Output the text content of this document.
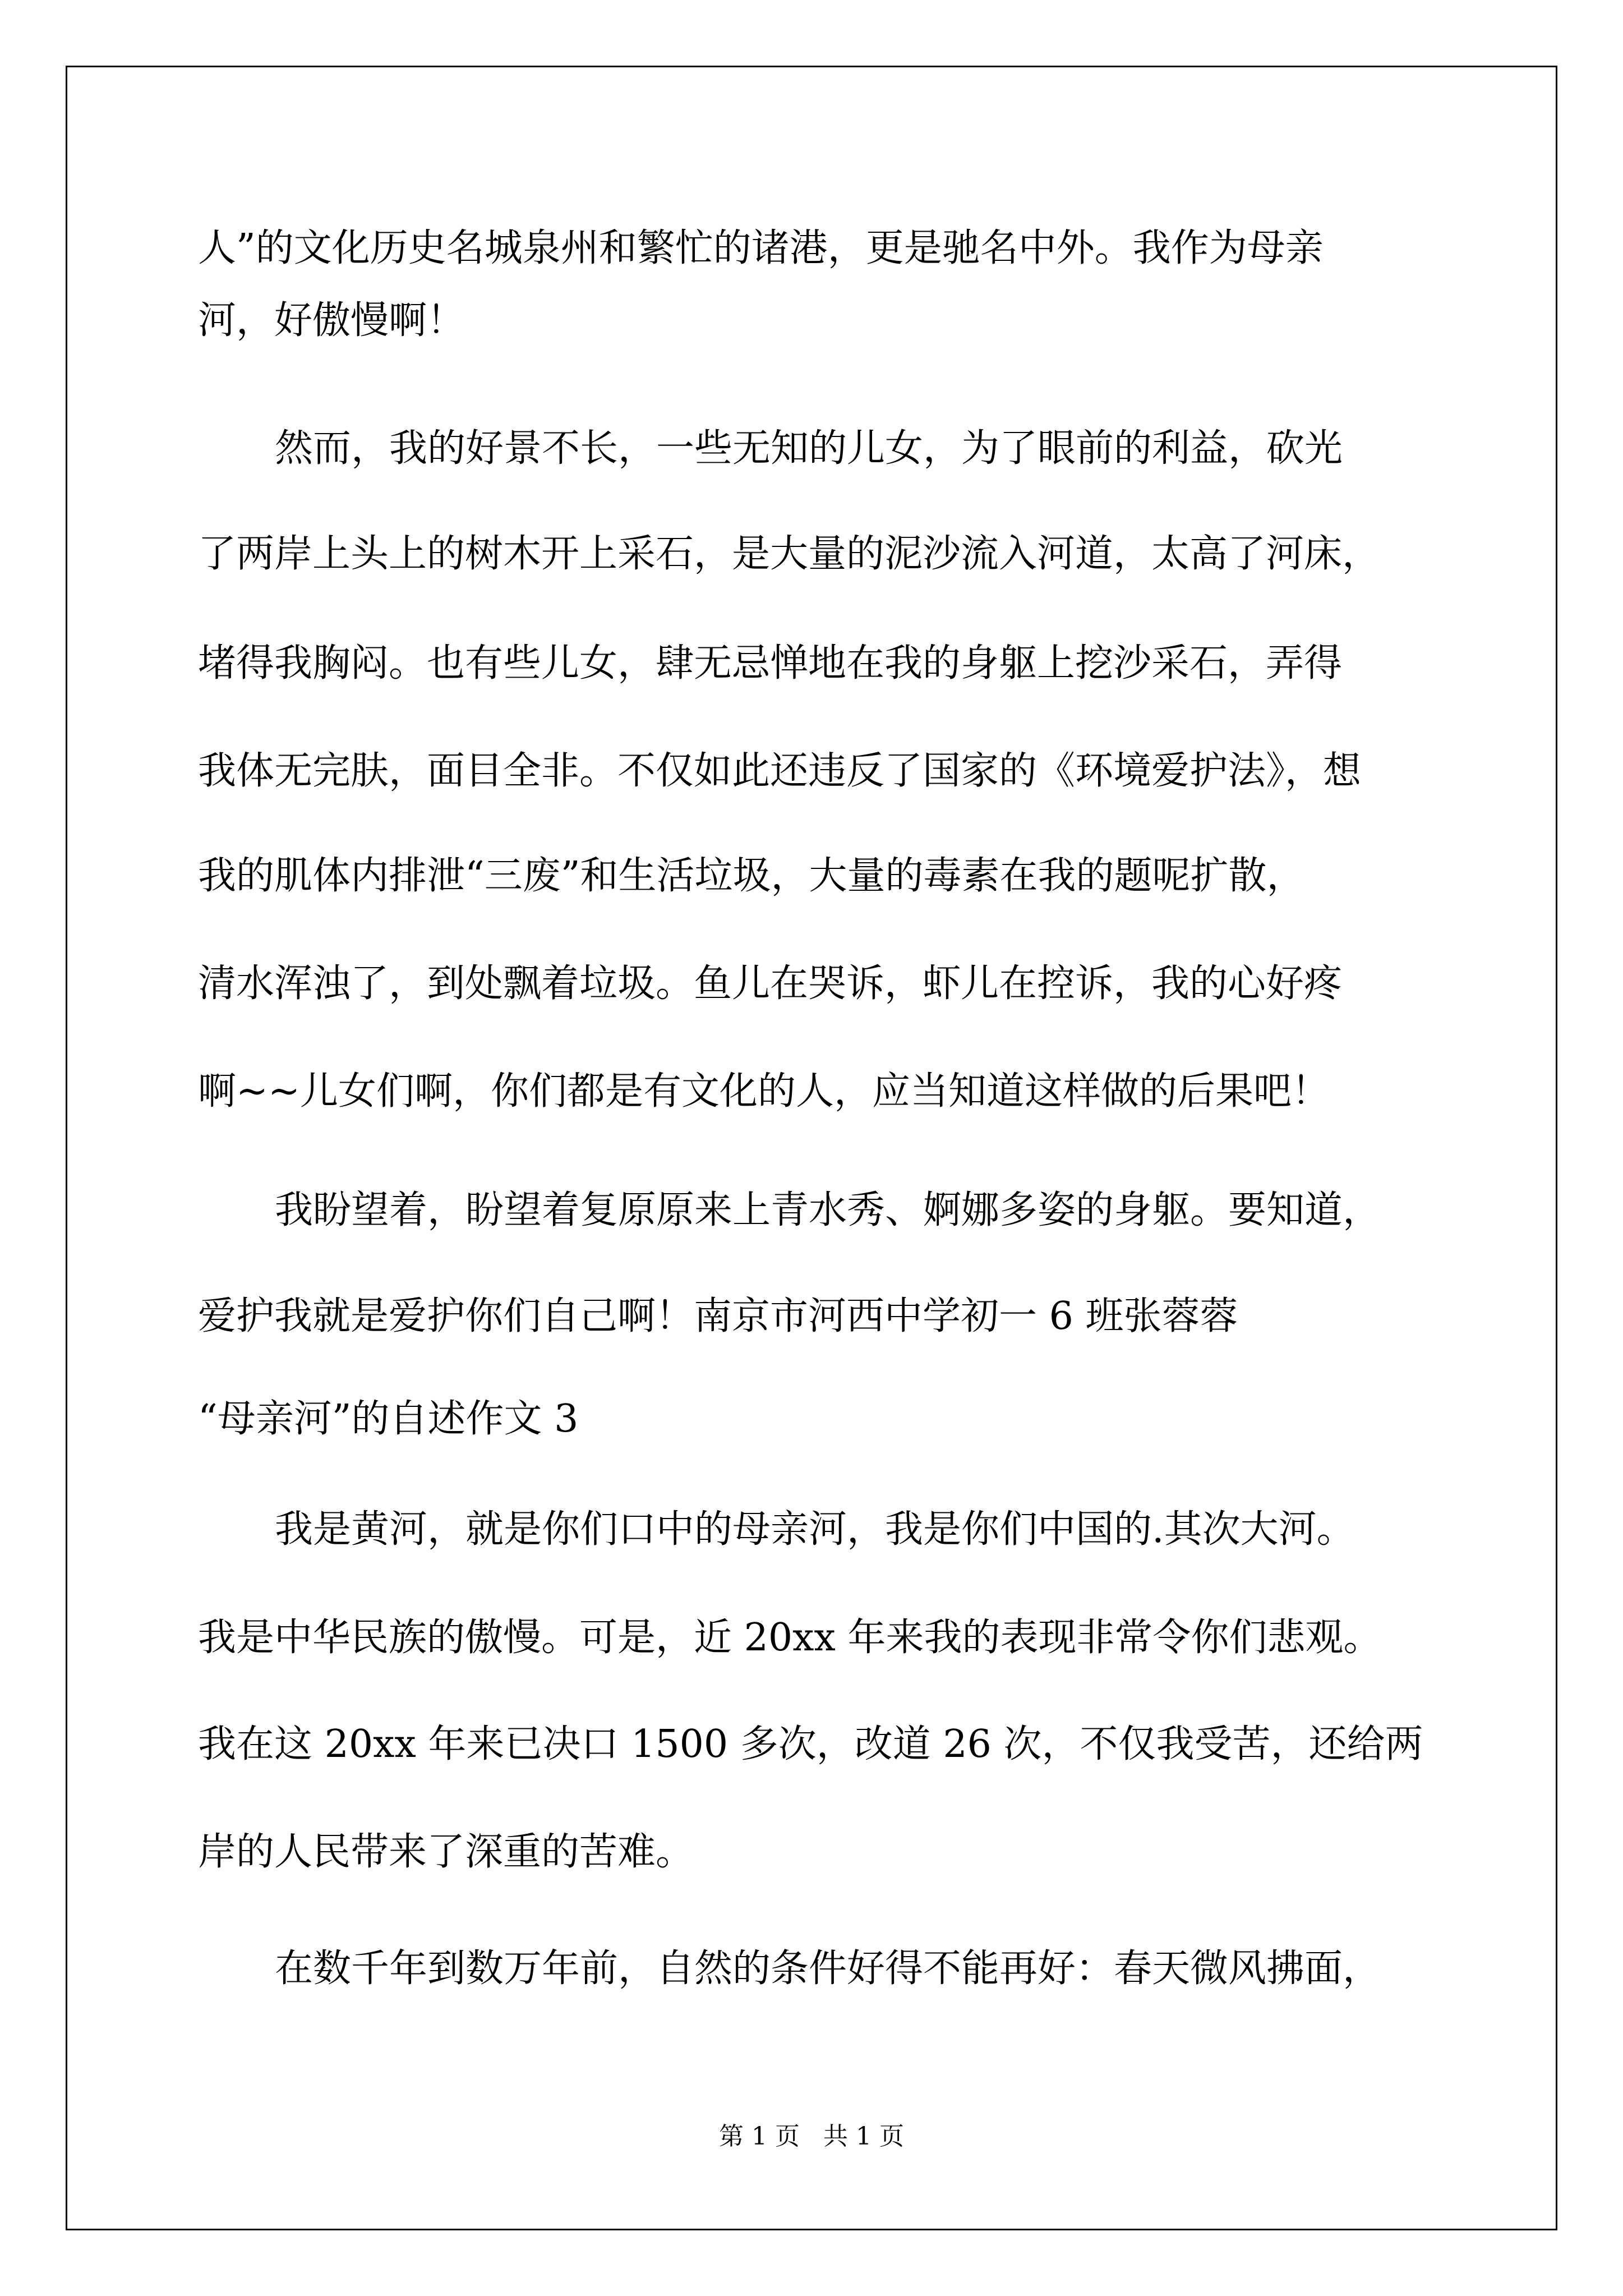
人”的文化历史名城泉州和繁忙的诸港，更是驰名中外。我作为母亲
河，好傲慢啊！
然而，我的好景不长，一些无知的儿女，为了眼前的利益，砍光
了两岸上头上的树木开上采石，是大量的泥沙流入河道，太高了河床，
堵得我胸闷。也有些儿女，肆无忌惮地在我的身躯上挖沙采石，弄得
我体无完肤，面目全非。不仅如此还违反了国家的《环境爱护法》，想
我的肌体内排泄“三废”和生活垃圾，大量的毒素在我的题呢扩散，
清水浑浊了，到处飘着垃圾。鱼儿在哭诉，虾儿在控诉，我的心好疼
啊~~儿女们啊，你们都是有文化的人，应当知道这样做的后果吧！
我盼望着，盼望着复原原来上青水秀、婀娜多姿的身躯。要知道，
爱护我就是爱护你们自己啊！南京市河西中学初一 6 班张蓉蓉
“母亲河”的自述作文 3
我是黄河，就是你们口中的母亲河，我是你们中国的.其次大河。
我是中华民族的傲慢。可是，近 20xx 年来我的表现非常令你们悲观。
我在这 20xx 年来已决口 1500 多次，改道 26 次，不仅我受苦，还给两
岸的人民带来了深重的苦难。
在数千年到数万年前，自然的条件好得不能再好：春天微风拂面，
第 1 页   共 1 页
